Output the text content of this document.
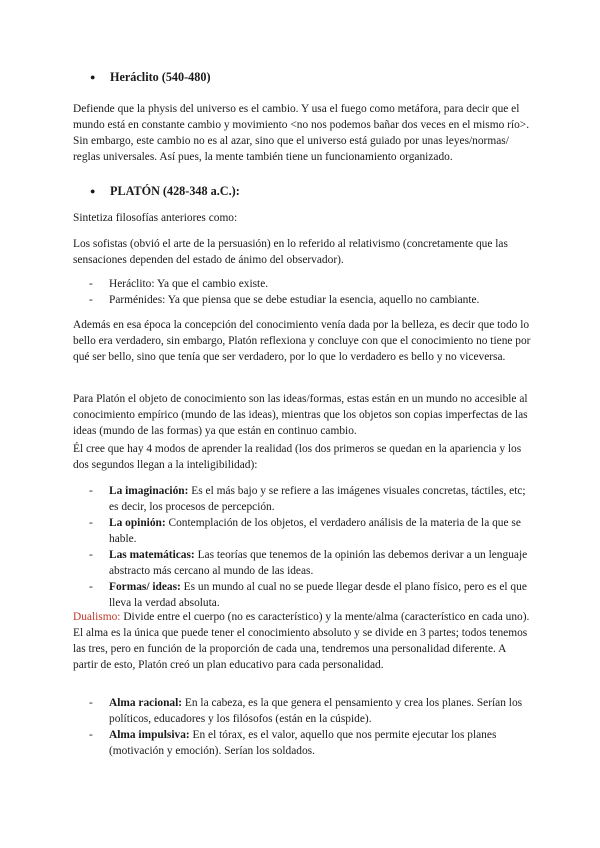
● Heráclito (540-480)

Defiende que la physis del universo es el cambio. Y usa el fuego como metáfora, para decir que el mundo está en constante cambio y movimiento <no nos podemos bañar dos veces en el mismo río>. Sin embargo, este cambio no es al azar, sino que el universo está guiado por unas leyes/normas/ reglas universales. Así pues, la mente también tiene un funcionamiento organizado.

● PLATÓN (428-348 a.C.):

Sintetiza filosofías anteriores como:

Los sofistas (obvió el arte de la persuasión) en lo referido al relativismo (concretamente que las sensaciones dependen del estado de ánimo del observador).

- Heráclito: Ya que el cambio existe.
- Parménides: Ya que piensa que se debe estudiar la esencia, aquello no cambiante.

Además en esa época la concepción del conocimiento venía dada por la belleza, es decir que todo lo bello era verdadero, sin embargo, Platón reflexiona y concluye con que el conocimiento no tiene por qué ser bello, sino que tenía que ser verdadero, por lo que lo verdadero es bello y no viceversa.

Para Platón el objeto de conocimiento son las ideas/formas, estas están en un mundo no accesible al conocimiento empírico (mundo de las ideas), mientras que los objetos son copias imperfectas de las ideas (mundo de las formas) ya que están en continuo cambio.

Él cree que hay 4 modos de aprender la realidad (los dos primeros se quedan en la apariencia y los dos segundos llegan a la inteligibilidad):

- La imaginación: Es el más bajo y se refiere a las imágenes visuales concretas, táctiles, etc; es decir, los procesos de percepción.
- La opinión: Contemplación de los objetos, el verdadero análisis de la materia de la que se hable.
- Las matemáticas: Las teorías que tenemos de la opinión las debemos derivar a un lenguaje abstracto más cercano al mundo de las ideas.
- Formas/ ideas: Es un mundo al cual no se puede llegar desde el plano físico, pero es el que lleva la verdad absoluta.

Dualismo: Divide entre el cuerpo (no es característico) y la mente/alma (característico en cada uno). El alma es la única que puede tener el conocimiento absoluto y se divide en 3 partes; todos tenemos las tres, pero en función de la proporción de cada una, tendremos una personalidad diferente. A partir de esto, Platón creó un plan educativo para cada personalidad.

- Alma racional: En la cabeza, es la que genera el pensamiento y crea los planes. Serían los políticos, educadores y los filósofos (están en la cúspide).
- Alma impulsiva: En el tórax, es el valor, aquello que nos permite ejecutar los planes (motivación y emoción). Serían los soldados.
